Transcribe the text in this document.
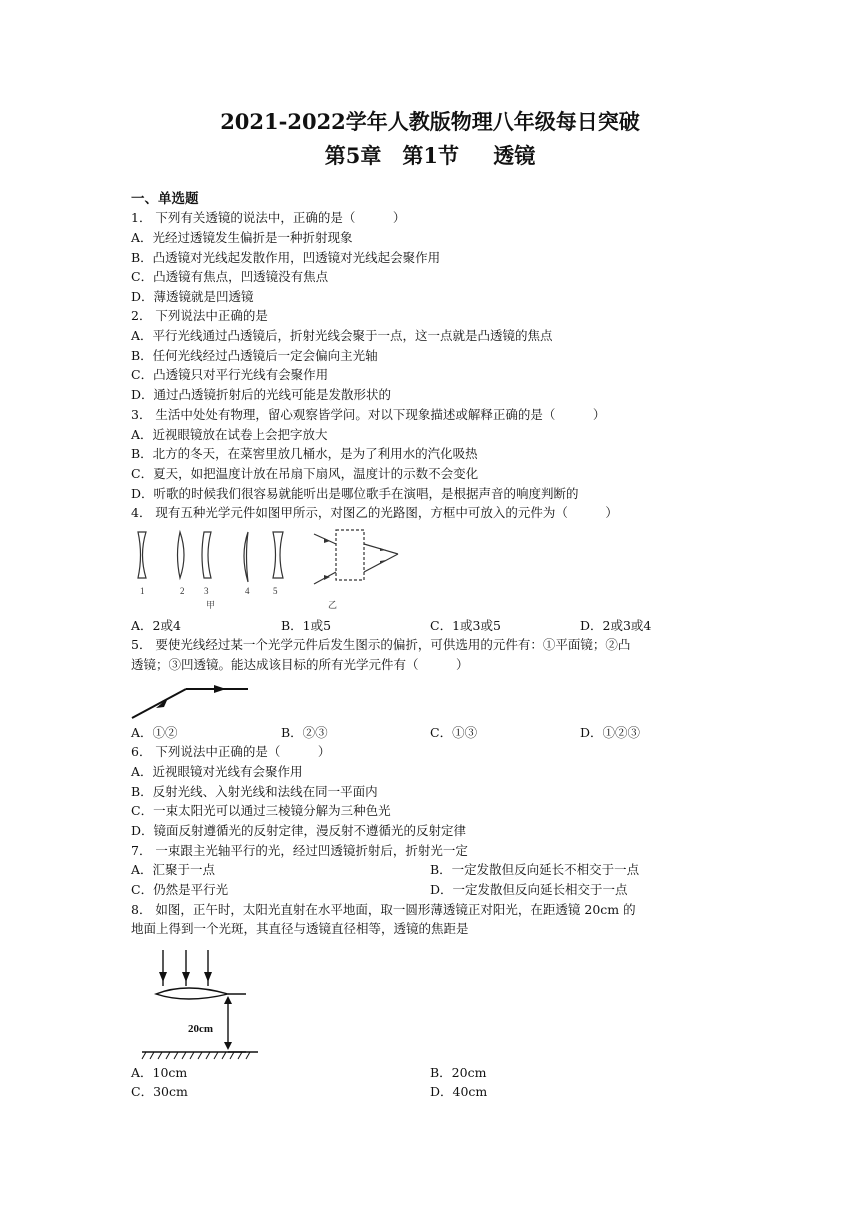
2021-2022学年人教版物理八年级每日突破
第5章　第1节　 透镜
一、单选题
1． 下列有关透镜的说法中，正确的是（　　　）
A．光经过透镜发生偏折是一种折射现象
B．凸透镜对光线起发散作用，凹透镜对光线起会聚作用
C．凸透镜有焦点，凹透镜没有焦点
D．薄透镜就是凹透镜
2． 下列说法中正确的是
A．平行光线通过凸透镜后，折射光线会聚于一点，这一点就是凸透镜的焦点
B．任何光线经过凸透镜后一定会偏向主光轴
C．凸透镜只对平行光线有会聚作用
D．通过凸透镜折射后的光线可能是发散形状的
3． 生活中处处有物理，留心观察皆学问。对以下现象描述或解释正确的是（　　　）
A．近视眼镜放在试卷上会把字放大
B．北方的冬天，在菜窖里放几桶水，是为了利用水的汽化吸热
C．夏天，如把温度计放在吊扇下扇风，温度计的示数不会变化
D．听歌的时候我们很容易就能听出是哪位歌手在演唱，是根据声音的响度判断的
4． 现有五种光学元件如图甲所示，对图乙的光路图，方框中可放入的元件为（　　　）
1	2 3	4	5
甲	乙
A．2或4	B．1或5	C．1或3或5	D．2或3或4
5． 要使光线经过某一个光学元件后发生图示的偏折，可供选用的元件有：①平面镜；②凸
透镜；③凹透镜。能达成该目标的所有光学元件有（　　　）
A．①②	B．②③	C．①③	D．①②③
6． 下列说法中正确的是（　　　）
A．近视眼镜对光线有会聚作用
B．反射光线、入射光线和法线在同一平面内
C．一束太阳光可以通过三棱镜分解为三种色光
D．镜面反射遵循光的反射定律，漫反射不遵循光的反射定律
7． 一束跟主光轴平行的光，经过凹透镜折射后，折射光一定
A．汇聚于一点	B．一定发散但反向延长不相交于一点
C．仍然是平行光	D．一定发散但反向延长相交于一点
8． 如图，正午时，太阳光直射在水平地面，取一圆形薄透镜正对阳光，在距透镜 20cm 的
地面上得到一个光斑，其直径与透镜直径相等，透镜的焦距是
20cm
A．10cm	B．20cm
C．30cm	D．40cm
